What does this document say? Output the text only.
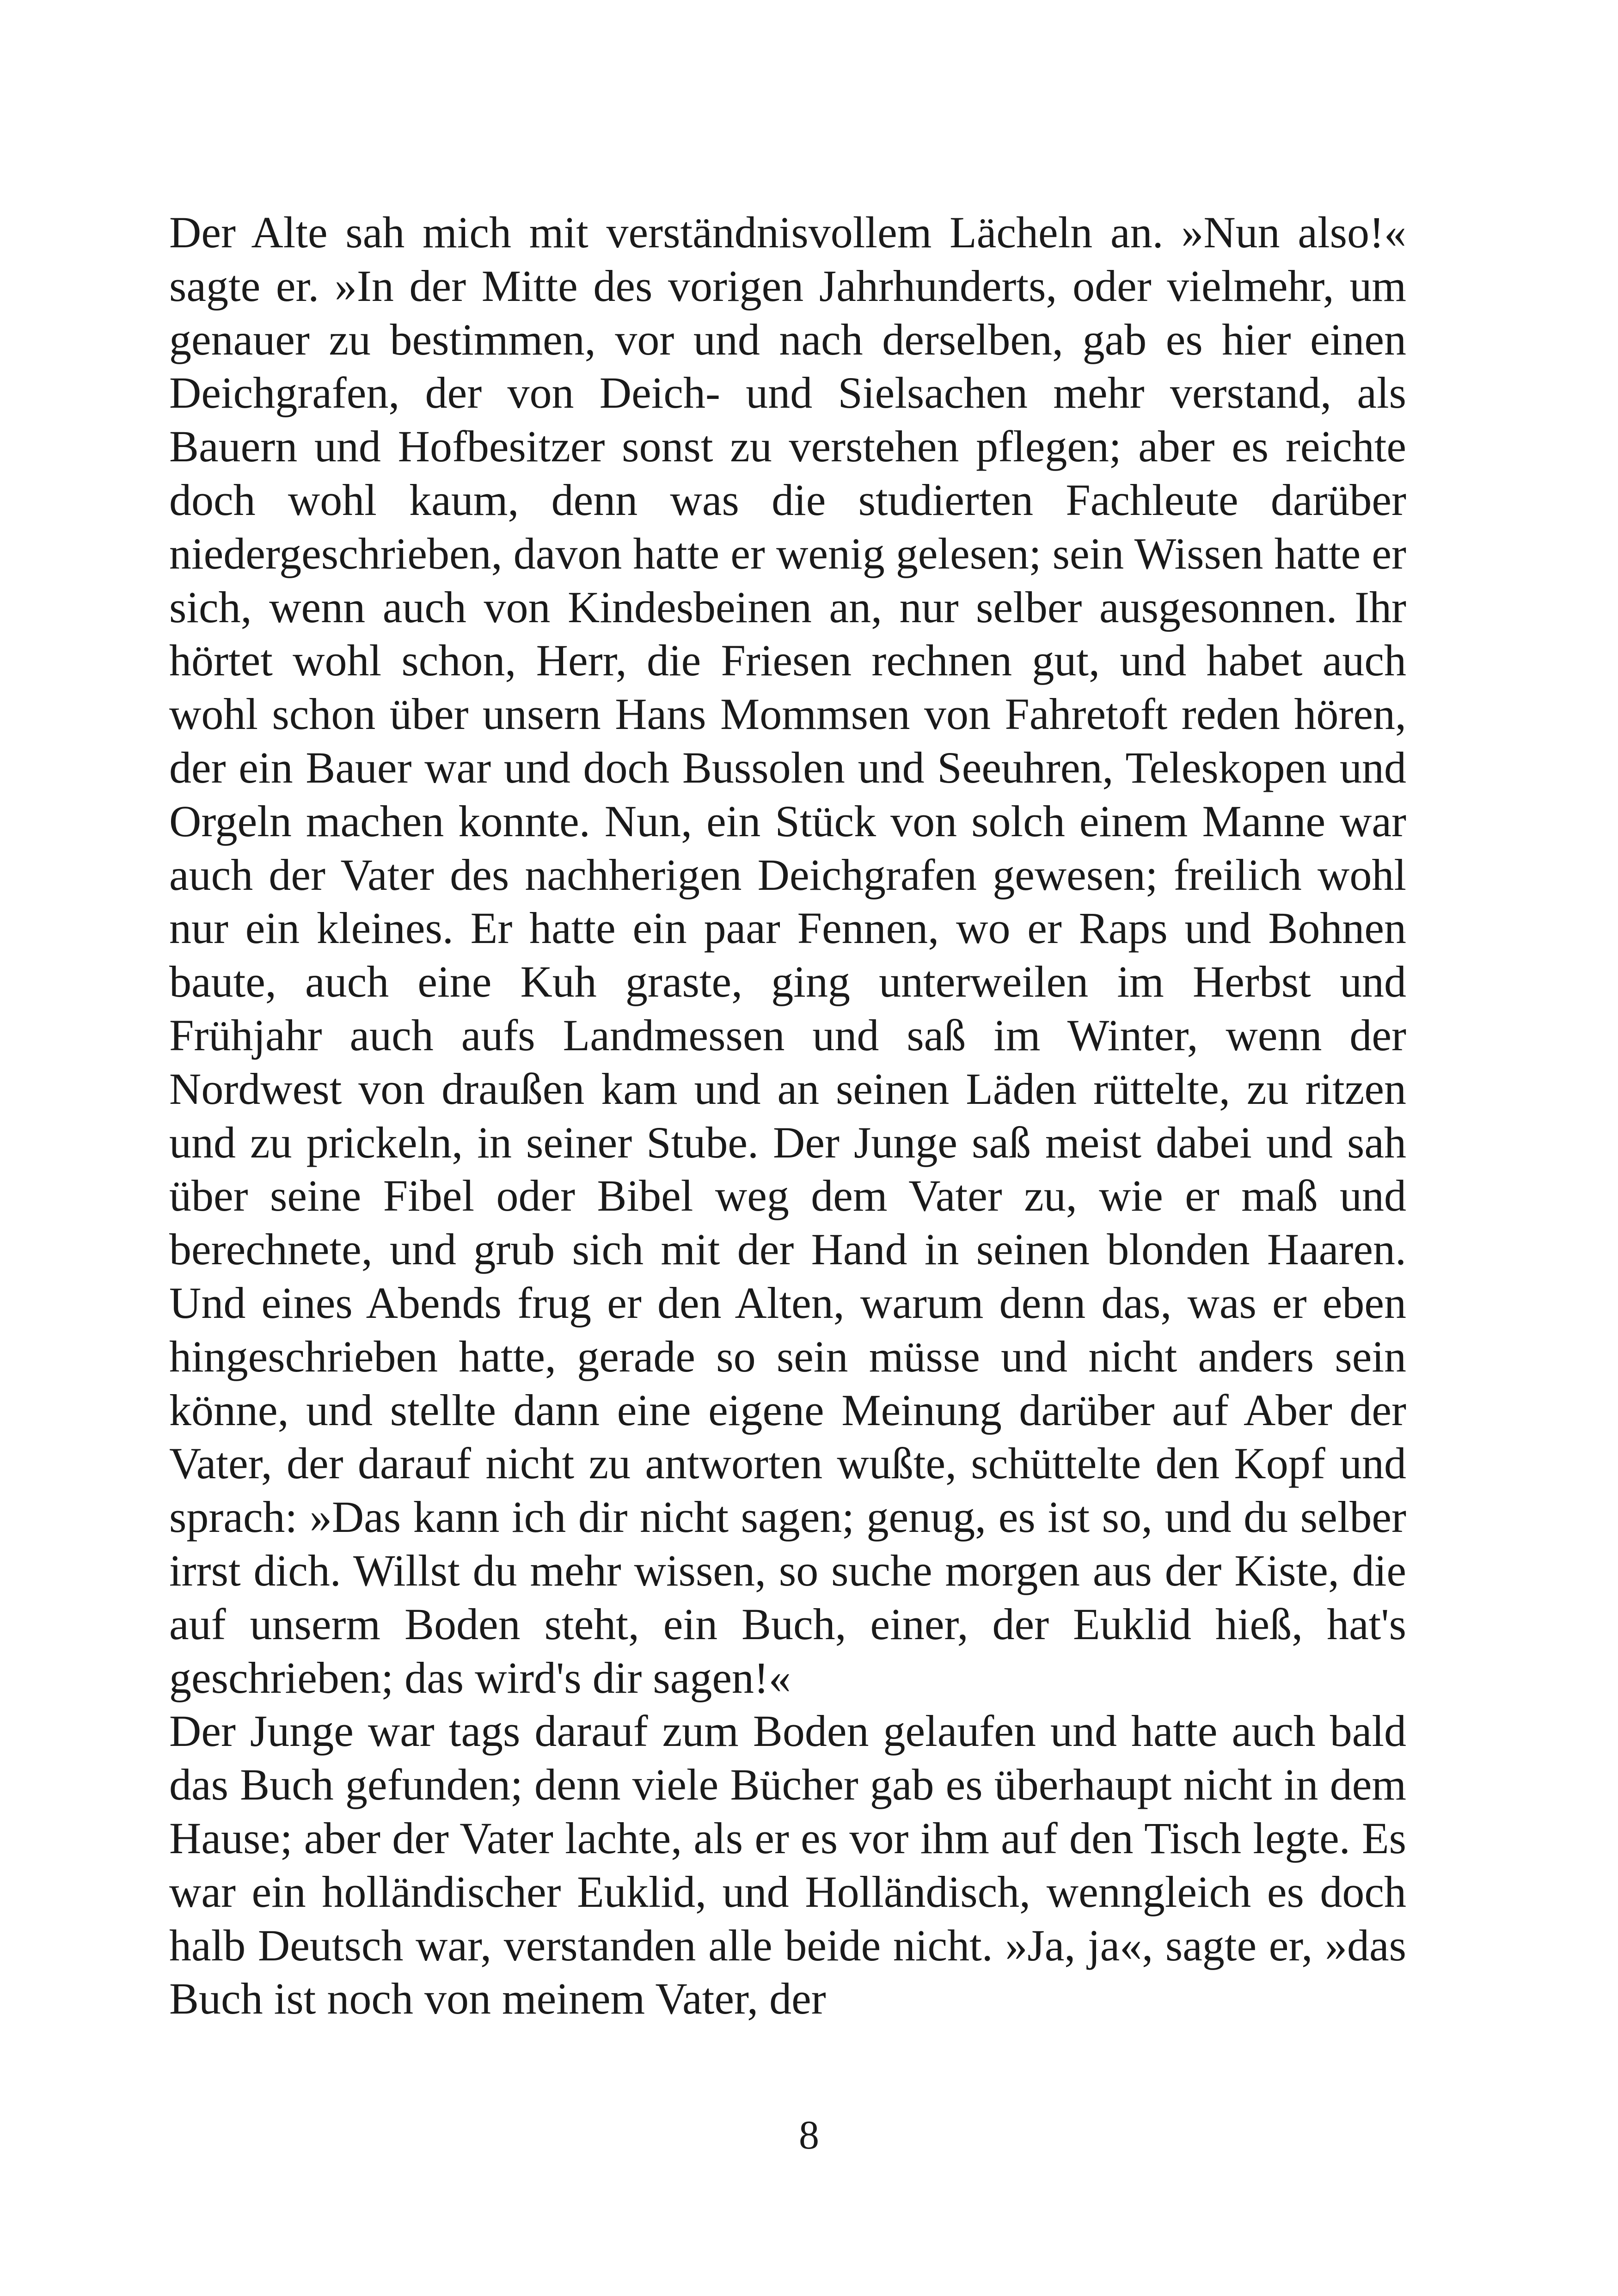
Der Alte sah mich mit verständnisvollem Lächeln an. »Nun also!« sagte er. »In der Mitte des vorigen Jahrhunderts, oder vielmehr, um genauer zu bestimmen, vor und nach derselben, gab es hier einen Deichgrafen, der von Deich- und Sielsachen mehr verstand, als Bauern und Hofbesitzer sonst zu verstehen pflegen; aber es reichte doch wohl kaum, denn was die studierten Fachleute darüber niedergeschrieben, davon hatte er wenig gelesen; sein Wissen hatte er sich, wenn auch von Kindesbeinen an, nur selber ausgesonnen. Ihr hörtet wohl schon, Herr, die Friesen rechnen gut, und habet auch wohl schon über unsern Hans Mommsen von Fahretoft reden hören, der ein Bauer war und doch Bussolen und Seeuhren, Teleskopen und Orgeln machen konnte. Nun, ein Stück von solch einem Manne war auch der Vater des nachherigen Deichgrafen gewesen; freilich wohl nur ein kleines. Er hatte ein paar Fennen, wo er Raps und Bohnen baute, auch eine Kuh graste, ging unterweilen im Herbst und Frühjahr auch aufs Landmessen und saß im Winter, wenn der Nordwest von draußen kam und an seinen Läden rüttelte, zu ritzen und zu prickeln, in seiner Stube. Der Junge saß meist dabei und sah über seine Fibel oder Bibel weg dem Vater zu, wie er maß und berechnete, und grub sich mit der Hand in seinen blonden Haaren. Und eines Abends frug er den Alten, warum denn das, was er eben hingeschrieben hatte, gerade so sein müsse und nicht anders sein könne, und stellte dann eine eigene Meinung darüber auf Aber der Vater, der darauf nicht zu antworten wußte, schüttelte den Kopf und sprach: »Das kann ich dir nicht sagen; genug, es ist so, und du selber irrst dich. Willst du mehr wissen, so suche morgen aus der Kiste, die auf unserm Boden steht, ein Buch, einer, der Euklid hieß, hat's geschrieben; das wird's dir sagen!«

Der Junge war tags darauf zum Boden gelaufen und hatte auch bald das Buch gefunden; denn viele Bücher gab es überhaupt nicht in dem Hause; aber der Vater lachte, als er es vor ihm auf den Tisch legte. Es war ein holländischer Euklid, und Holländisch, wenngleich es doch halb Deutsch war, verstanden alle beide nicht. »Ja, ja«, sagte er, »das Buch ist noch von meinem Vater, der

8
